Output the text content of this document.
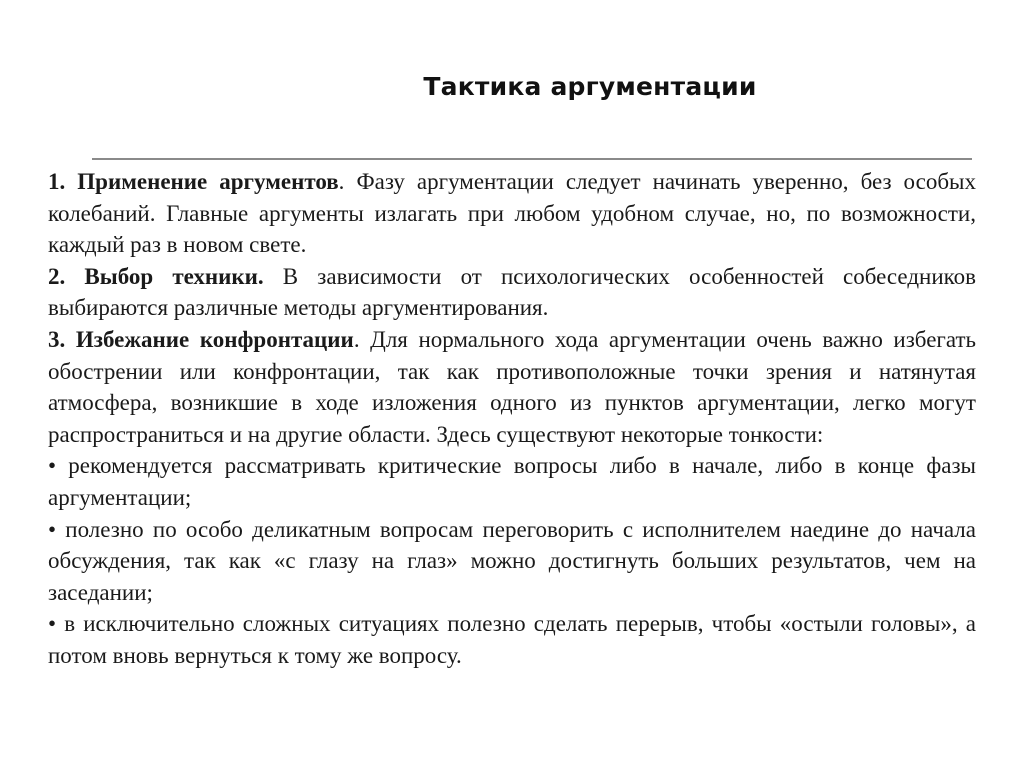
Тактика аргументации

1. Применение аргументов. Фазу аргументации следует начинать уверенно, без особых колебаний. Главные аргументы излагать при любом удобном случае, но, по возможности, каждый раз в новом свете.

2. Выбор техники. В зависимости от психологических особенностей собеседников выбираются различные методы аргументирования.

3. Избежание конфронтации. Для нормального хода аргументации очень важно избегать обострении или конфронтации, так как противоположные точки зрения и натянутая атмосфера, возникшие в ходе изложения одного из пунктов аргументации, легко могут распространиться и на другие области. Здесь существуют некоторые тонкости:

• рекомендуется рассматривать критические вопросы либо в начале, либо в конце фазы аргументации;

• полезно по особо деликатным вопросам переговорить с исполнителем наедине до начала обсуждения, так как «с глазу на глаз» можно достигнуть больших результатов, чем на заседании;

• в исключительно сложных ситуациях полезно сделать перерыв, чтобы «остыли головы», а потом вновь вернуться к тому же вопросу.
